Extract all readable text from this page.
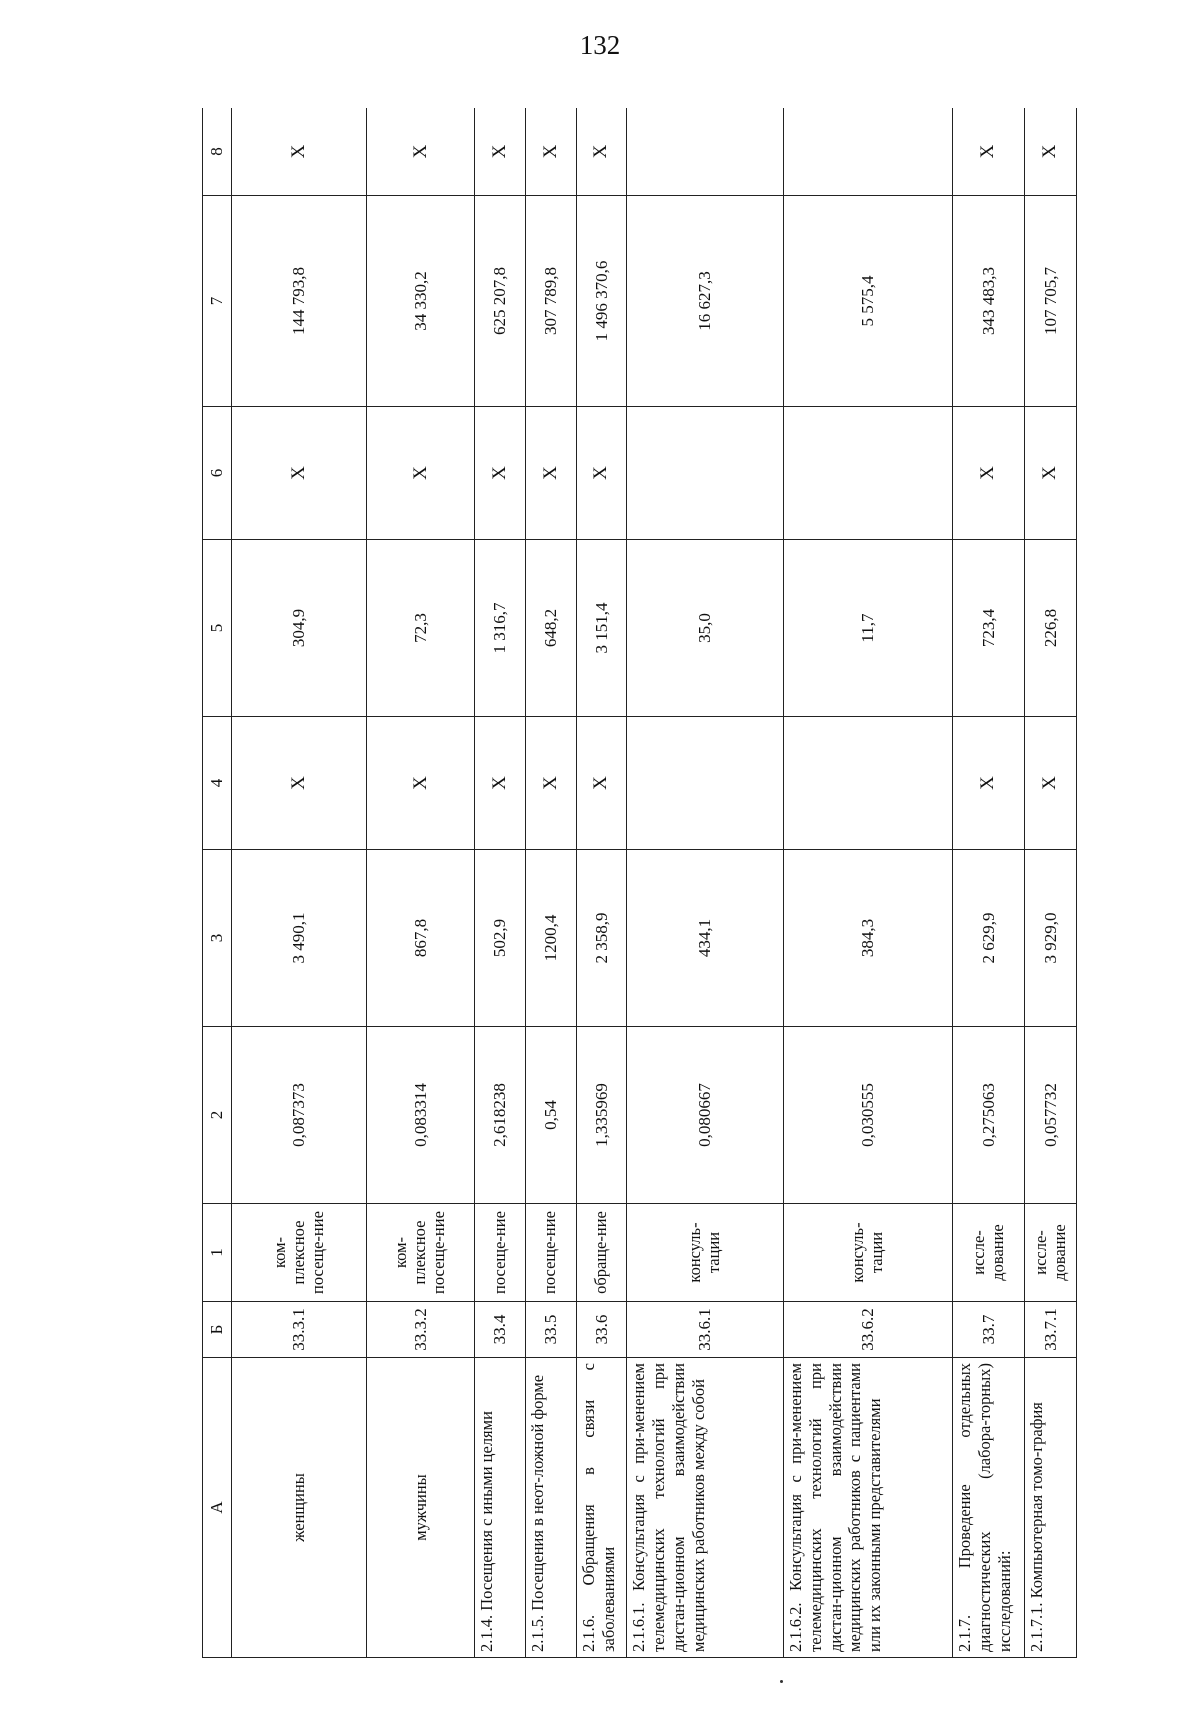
132
А	Б	1	2	3	4	5	6	7	8
женщины	33.3.1	ком-плексное посеще-ние	0,087373	3 490,1	Х	304,9	Х	144 793,8	Х
мужчины	33.3.2	ком-плексное посеще-ние	0,083314	867,8	Х	72,3	Х	34 330,2	Х
2.1.4. Посещения с иными целями	33.4	посеще-ние	2,618238	502,9	Х	1 316,7	Х	625 207,8	Х
2.1.5. Посещения в неот-ложной форме	33.5	посеще-ние	0,54	1200,4	Х	648,2	Х	307 789,8	Х
2.1.6. Обращения в связи с заболеваниями	33.6	обраще-ние	1,335969	2 358,9	Х	3 151,4	Х	1 496 370,6	Х
2.1.6.1. Консультация с при-менением телемедицинских технологий при дистан-ционном взаимодействии медицинских работников между собой	33.6.1	консуль-тации	0,080667	434,1		35,0		16 627,3	
2.1.6.2. Консультация с при-менением телемедицинских технологий при дистан-ционном взаимодействии медицинских работников с пациентами или их законными представителями	33.6.2	консуль-тации	0,030555	384,3		11,7		5 575,4	
2.1.7. Проведение отдельных диагностических (лабора-торных) исследований:	33.7	иссле-дование	0,275063	2 629,9	Х	723,4	Х	343 483,3	Х
2.1.7.1. Компьютерная томо-графия	33.7.1	иссле-дование	0,057732	3 929,0	Х	226,8	Х	107 705,7	Х
